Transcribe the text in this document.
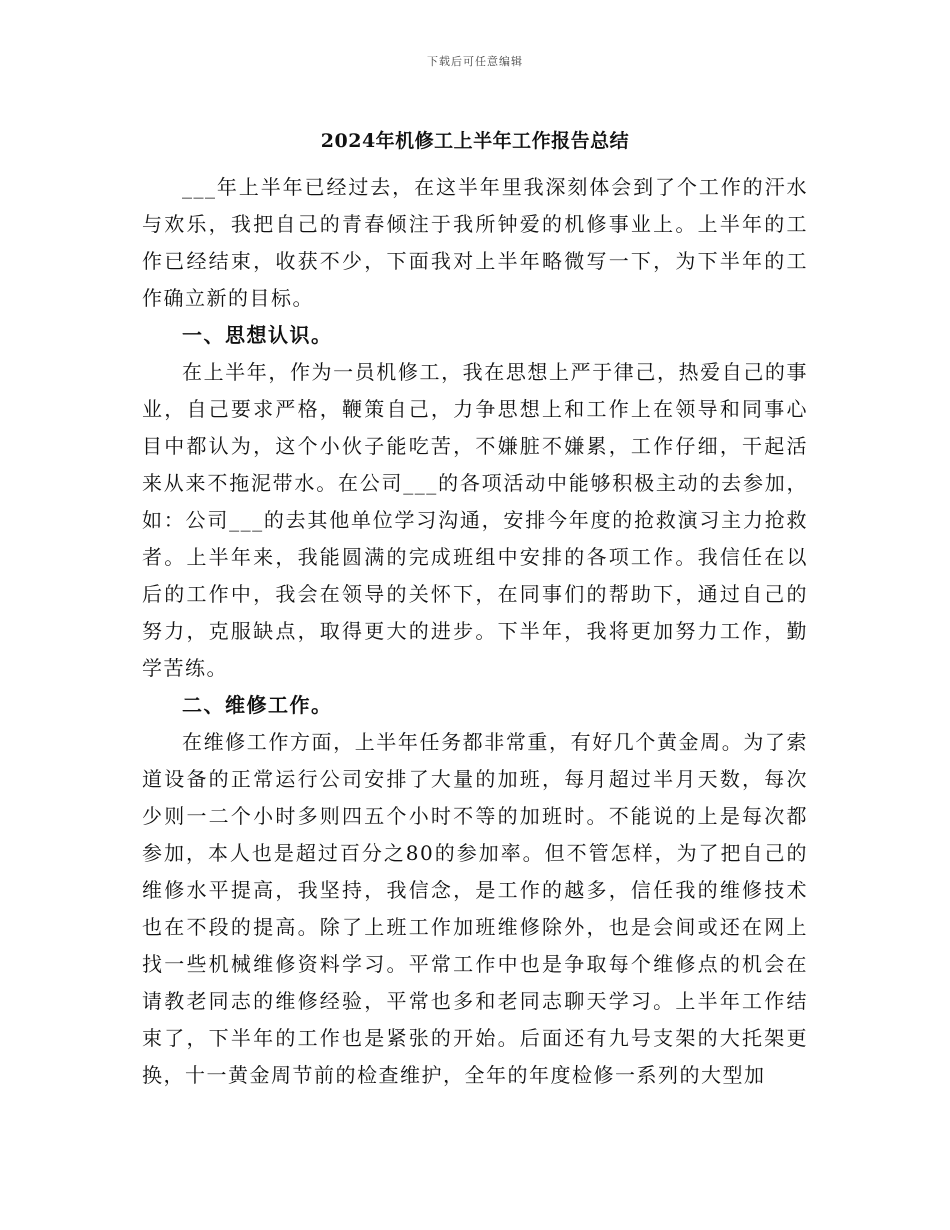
下载后可任意编辑
2024年机修工上半年工作报告总结

___年上半年已经过去，在这半年里我深刻体会到了个工作的汗水与欢乐，我把自己的青春倾注于我所钟爱的机修事业上。上半年的工作已经结束，收获不少，下面我对上半年略微写一下，为下半年的工作确立新的目标。

一、思想认识。

在上半年，作为一员机修工，我在思想上严于律己，热爱自己的事业，自己要求严格，鞭策自己，力争思想上和工作上在领导和同事心目中都认为，这个小伙子能吃苦，不嫌脏不嫌累，工作仔细，干起活来从来不拖泥带水。在公司___的各项活动中能够积极主动的去参加，如：公司___的去其他单位学习沟通，安排今年度的抢救演习主力抢救者。上半年来，我能圆满的完成班组中安排的各项工作。我信任在以后的工作中，我会在领导的关怀下，在同事们的帮助下，通过自己的努力，克服缺点，取得更大的进步。下半年，我将更加努力工作，勤学苦练。

二、维修工作。

在维修工作方面，上半年任务都非常重，有好几个黄金周。为了索道设备的正常运行公司安排了大量的加班，每月超过半月天数，每次少则一二个小时多则四五个小时不等的加班时。不能说的上是每次都参加，本人也是超过百分之80的参加率。但不管怎样，为了把自己的维修水平提高，我坚持，我信念，是工作的越多，信任我的维修技术也在不段的提高。除了上班工作加班维修除外，也是会间或还在网上找一些机械维修资料学习。平常工作中也是争取每个维修点的机会在请教老同志的维修经验，平常也多和老同志聊天学习。上半年工作结束了，下半年的工作也是紧张的开始。后面还有九号支架的大托架更换，十一黄金周节前的检查维护，全年的年度检修一系列的大型加
